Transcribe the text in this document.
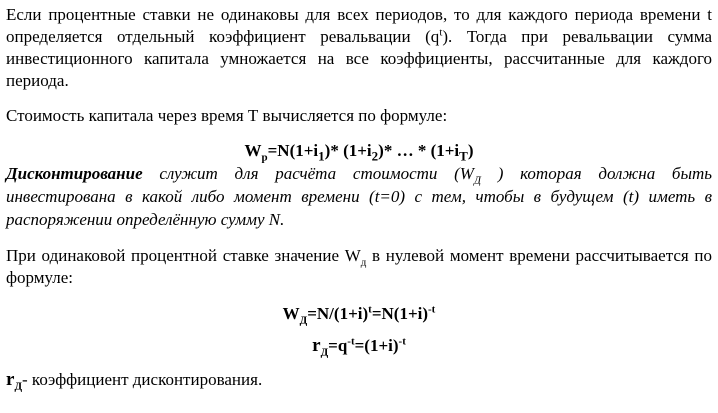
Если процентные ставки не одинаковы для всех периодов, то для каждого периода времени t определяется отдельный коэффициент ревальвации $(q^t)$. Тогда при ревальвации сумма инвестиционного капитала умножается на все коэффициенты, рассчитанные для каждого периода.

Стоимость капитала через время Т вычисляется по формуле:

$W_р=N(1+i_1)*$ $(1+i_2)*$ … * $(1+i_T)$

Дисконтирование служит для расчёта стоимости ($W_Д$ ) которая должна быть инвестирована в какой либо момент времени (t=0) с тем, чтобы в будущем (t) иметь в распоряжении определённую сумму N.

При одинаковой процентной ставке значение $W_д$ в нулевой момент времени рассчитывается по формуле:

$W_Д=N/(1+i)^t=N(1+i)^{-t}$

$r_Д=q^{-t}=(1+i)^{-t}$

$r_Д-$ коэффициент дисконтирования.
